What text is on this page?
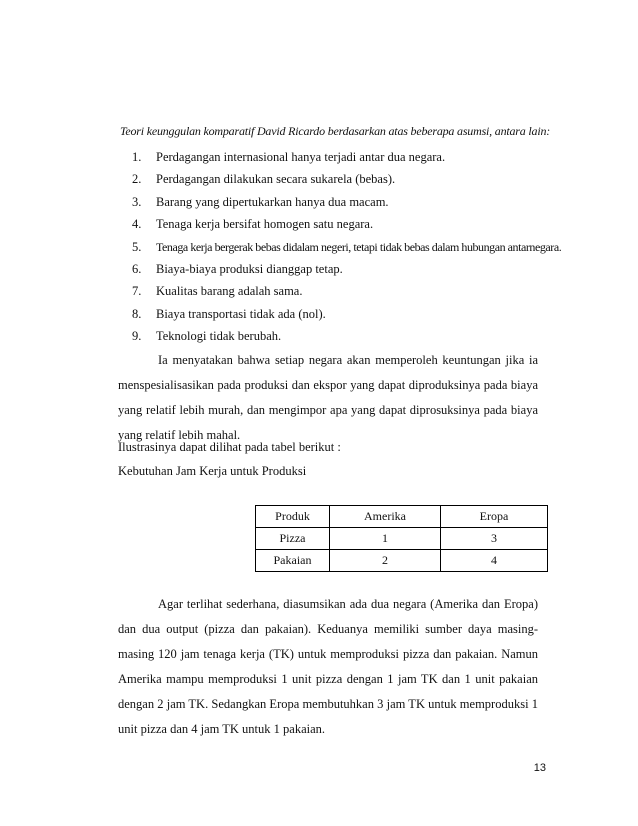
Teori keunggulan komparatif David Ricardo berdasarkan atas beberapa asumsi, antara lain:
1. Perdagangan internasional hanya terjadi antar dua negara.
2. Perdagangan dilakukan secara sukarela (bebas).
3. Barang yang dipertukarkan hanya dua macam.
4. Tenaga kerja bersifat homogen satu negara.
5. Tenaga kerja bergerak bebas didalam negeri, tetapi tidak bebas dalam hubungan antarnegara.
6. Biaya-biaya produksi dianggap tetap.
7. Kualitas barang adalah sama.
8. Biaya transportasi tidak ada (nol).
9. Teknologi tidak berubah.

Ia menyatakan bahwa setiap negara akan memperoleh keuntungan jika ia menspesialisasikan pada produksi dan ekspor yang dapat diproduksinya pada biaya yang relatif lebih murah, dan mengimpor apa yang dapat diprosuksinya pada biaya yang relatif lebih mahal.

Ilustrasinya dapat dilihat pada tabel berikut :
Kebutuhan Jam Kerja untuk Produksi
Produk	Amerika	Eropa
Pizza	1	3
Pakaian	2	4

Agar terlihat sederhana, diasumsikan ada dua negara (Amerika dan Eropa) dan dua output (pizza dan pakaian). Keduanya memiliki sumber daya masing-masing 120 jam tenaga kerja (TK) untuk memproduksi pizza dan pakaian. Namun Amerika mampu memproduksi 1 unit pizza dengan 1 jam TK dan 1 unit pakaian dengan 2 jam TK. Sedangkan Eropa membutuhkan 3 jam TK untuk memproduksi 1 unit pizza dan 4 jam TK untuk 1 pakaian.

13
